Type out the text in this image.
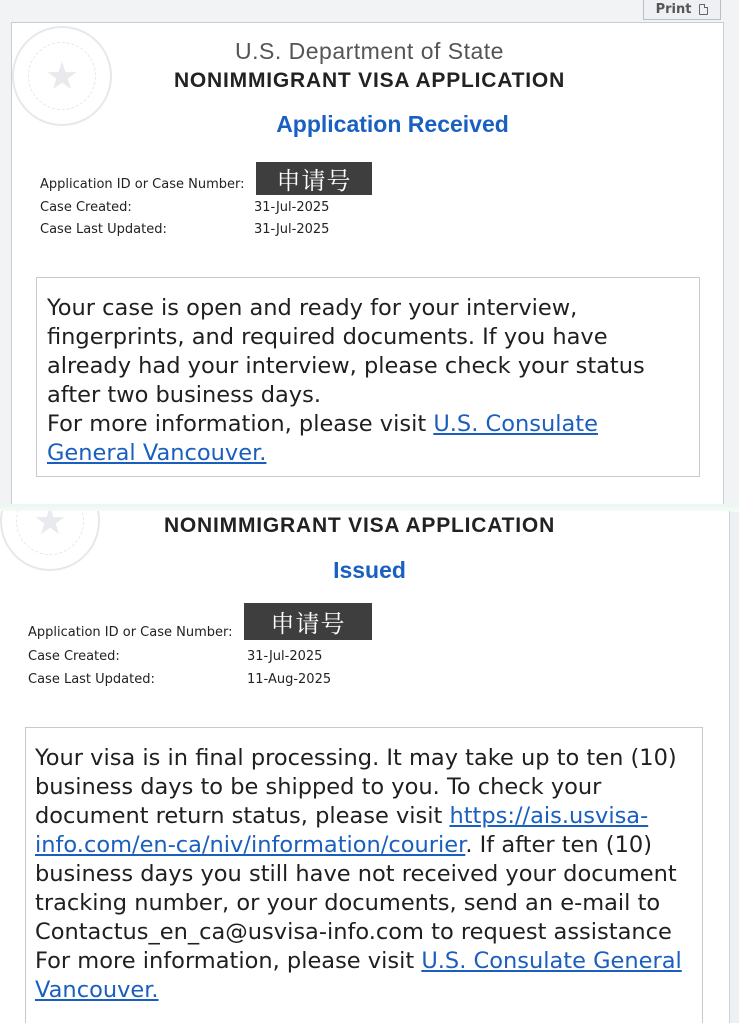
Print
★
U.S. Department of State
NONIMMIGRANT VISA APPLICATION
Application Received
Application ID or Case Number:	申请号
Case Created:	31-Jul-2025
Case Last Updated:	31-Jul-2025
Your case is open and ready for your interview, fingerprints, and required documents. If you have already had your interview, please check your status after two business days.
For more information, please visit U.S. Consulate General Vancouver.
★
NONIMMIGRANT VISA APPLICATION
Issued
Application ID or Case Number:	申请号
Case Created:	31-Jul-2025
Case Last Updated:	11-Aug-2025
Your visa is in final processing. It may take up to ten (10) business days to be shipped to you. To check your document return status, please visit https://ais.usvisa-info.com/en-ca/niv/information/courier. If after ten (10) business days you still have not received your document tracking number, or your documents, send an e-mail to Contactus_en_ca@usvisa-info.com to request assistance
For more information, please visit U.S. Consulate General Vancouver.
